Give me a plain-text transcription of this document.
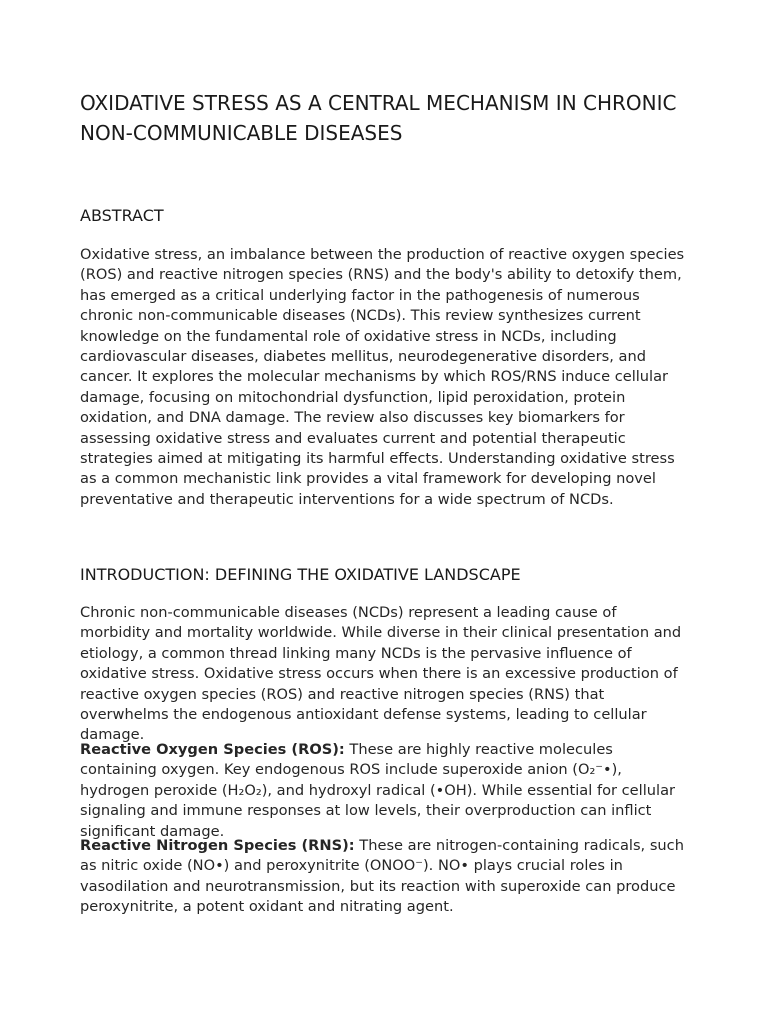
OXIDATIVE STRESS AS A CENTRAL MECHANISM IN CHRONIC NON-COMMUNICABLE DISEASES
ABSTRACT

Oxidative stress, an imbalance between the production of reactive oxygen species (ROS) and reactive nitrogen species (RNS) and the body's ability to detoxify them, has emerged as a critical underlying factor in the pathogenesis of numerous chronic non-communicable diseases (NCDs). This review synthesizes current knowledge on the fundamental role of oxidative stress in NCDs, including cardiovascular diseases, diabetes mellitus, neurodegenerative disorders, and cancer. It explores the molecular mechanisms by which ROS/RNS induce cellular damage, focusing on mitochondrial dysfunction, lipid peroxidation, protein oxidation, and DNA damage. The review also discusses key biomarkers for assessing oxidative stress and evaluates current and potential therapeutic strategies aimed at mitigating its harmful effects. Understanding oxidative stress as a common mechanistic link provides a vital framework for developing novel preventative and therapeutic interventions for a wide spectrum of NCDs.

INTRODUCTION: DEFINING THE OXIDATIVE LANDSCAPE

Chronic non-communicable diseases (NCDs) represent a leading cause of morbidity and mortality worldwide. While diverse in their clinical presentation and etiology, a common thread linking many NCDs is the pervasive influence of oxidative stress. Oxidative stress occurs when there is an excessive production of reactive oxygen species (ROS) and reactive nitrogen species (RNS) that overwhelms the endogenous antioxidant defense systems, leading to cellular damage.

Reactive Oxygen Species (ROS): These are highly reactive molecules containing oxygen. Key endogenous ROS include superoxide anion (O₂⁻•), hydrogen peroxide (H₂O₂), and hydroxyl radical (•OH). While essential for cellular signaling and immune responses at low levels, their overproduction can inflict significant damage.

Reactive Nitrogen Species (RNS): These are nitrogen-containing radicals, such as nitric oxide (NO•) and peroxynitrite (ONOO⁻). NO• plays crucial roles in vasodilation and neurotransmission, but its reaction with superoxide can produce peroxynitrite, a potent oxidant and nitrating agent.
